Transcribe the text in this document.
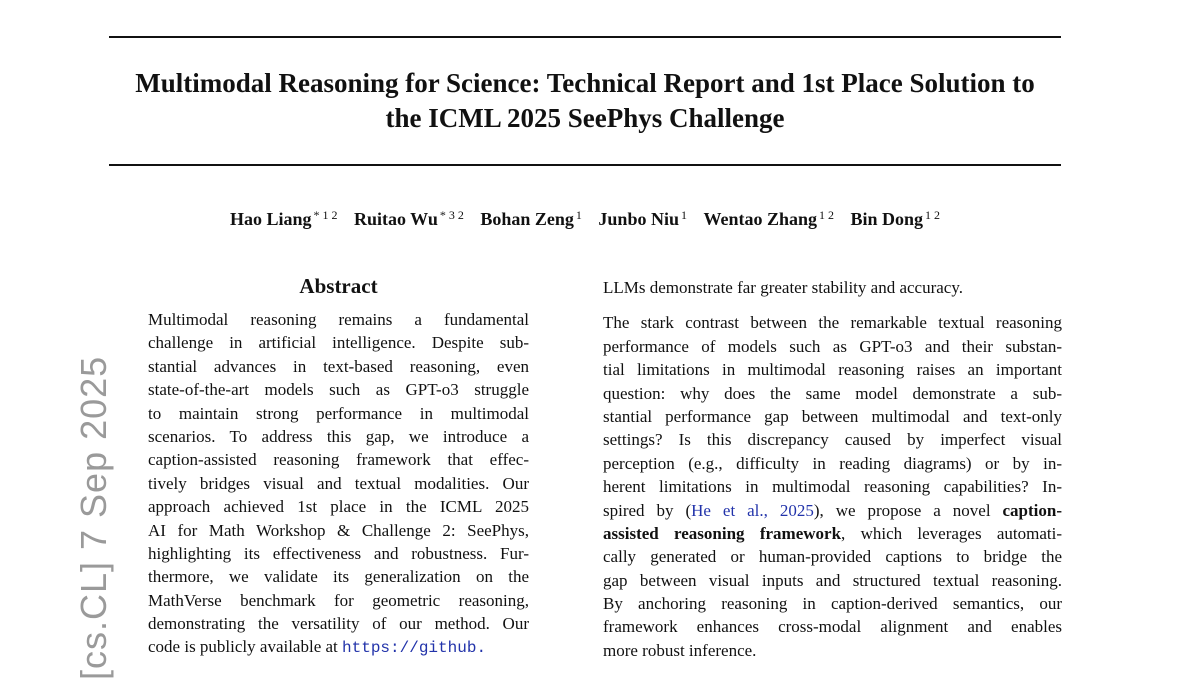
Multimodal Reasoning for Science: Technical Report and 1st Place Solution to
the ICML 2025 SeePhys Challenge
Hao Liang $^{* 1 2}$ Ruitao Wu $^{* 3 2}$ Bohan Zeng $^1$ Junbo Niu $^1$ Wentao Zhang $^{1 2}$ Bin Dong $^{1 2}$
[cs.CL] 7 Sep 2025
Abstract
Multimodal reasoning remains a fundamental
challenge in artificial intelligence. Despite sub-
stantial advances in text-based reasoning, even
state-of-the-art models such as GPT-o3 struggle
to maintain strong performance in multimodal
scenarios. To address this gap, we introduce a
caption-assisted reasoning framework that effec-
tively bridges visual and textual modalities. Our
approach achieved 1st place in the ICML 2025
AI for Math Workshop & Challenge 2: SeePhys,
highlighting its effectiveness and robustness. Fur-
thermore, we validate its generalization on the
MathVerse benchmark for geometric reasoning,
demonstrating the versatility of our method. Our
code is publicly available at https://github.
LLMs demonstrate far greater stability and accuracy.
The stark contrast between the remarkable textual reasoning
performance of models such as GPT-o3 and their substan-
tial limitations in multimodal reasoning raises an important
question: why does the same model demonstrate a sub-
stantial performance gap between multimodal and text-only
settings? Is this discrepancy caused by imperfect visual
perception (e.g., difficulty in reading diagrams) or by in-
herent limitations in multimodal reasoning capabilities? In-
spired by (He et al., 2025), we propose a novel caption-
assisted reasoning framework, which leverages automati-
cally generated or human-provided captions to bridge the
gap between visual inputs and structured textual reasoning.
By anchoring reasoning in caption-derived semantics, our
framework enhances cross-modal alignment and enables
more robust inference.
